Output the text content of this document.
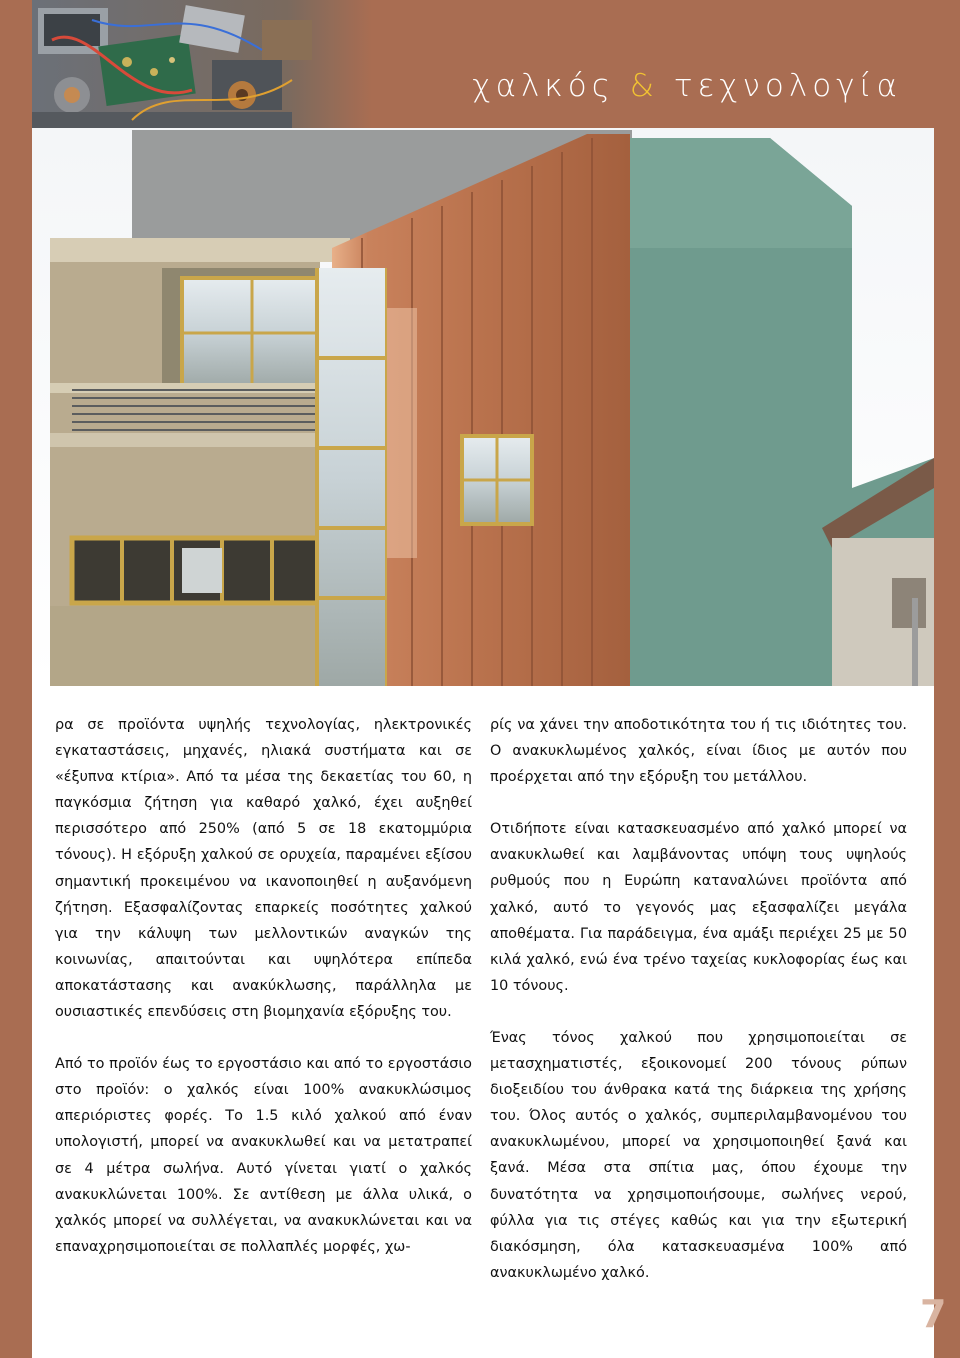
χαλκός & τεχνολογία

ρα σε προϊόντα υψηλής τεχνολογίας, ηλεκτρονικές εγκαταστάσεις, μηχανές, ηλιακά συστήματα και σε «έξυπνα κτίρια». Από τα μέσα της δεκαετίας του 60, η παγκόσμια ζήτηση για καθαρό χαλκό, έχει αυξηθεί περισσότερο από 250% (από 5 σε 18 εκατομμύρια τόνους). Η εξόρυξη χαλκού σε ορυχεία, παραμένει εξίσου σημαντική προκειμένου να ικανοποιηθεί η αυξανόμενη ζήτηση. Εξασφαλίζοντας επαρκείς ποσότητες χαλκού για την κάλυψη των μελλοντικών αναγκών της κοινωνίας, απαιτούνται και υψηλότερα επίπεδα αποκατάστασης και ανακύκλωσης, παράλληλα με ουσιαστικές επενδύσεις στη βιομηχανία εξόρυξης του.

Από το προϊόν έως το εργοστάσιο και από το εργοστάσιο στο προϊόν: ο χαλκός είναι 100% ανακυκλώσιμος απεριόριστες φορές. Το 1.5 κιλό χαλκού από έναν υπολογιστή, μπορεί να ανακυκλωθεί και να μετατραπεί σε 4 μέτρα σωλήνα. Αυτό γίνεται γιατί ο χαλκός ανακυκλώνεται 100%. Σε αντίθεση με άλλα υλικά, ο χαλκός μπορεί να συλλέγεται, να ανακυκλώνεται και να επαναχρησιμοποιείται σε πολλαπλές μορφές, χω-

ρίς να χάνει την αποδοτικότητα του ή τις ιδιότητες του. Ο ανακυκλωμένος χαλκός, είναι ίδιος με αυτόν που προέρχεται από την εξόρυξη του μετάλλου.

Οτιδήποτε είναι κατασκευασμένο από χαλκό μπορεί να ανακυκλωθεί και λαμβάνοντας υπόψη τους υψηλούς ρυθμούς που η Ευρώπη καταναλώνει προϊόντα από χαλκό, αυτό το γεγονός μας εξασφαλίζει μεγάλα αποθέματα. Για παράδειγμα, ένα αμάξι περιέχει 25 με 50 κιλά χαλκό, ενώ ένα τρένο ταχείας κυκλοφορίας έως και 10 τόνους.

Ένας τόνος χαλκού που χρησιμοποιείται σε μετασχηματιστές, εξοικονομεί 200 τόνους ρύπων διοξειδίου του άνθρακα κατά της διάρκεια της χρήσης του. Όλος αυτός ο χαλκός, συμπεριλαμβανομένου του ανακυκλωμένου, μπορεί να χρησιμοποιηθεί ξανά και ξανά. Μέσα στα σπίτια μας, όπου έχουμε την δυνατότητα να χρησιμοποιήσουμε, σωλήνες νερού, φύλλα για τις στέγες καθώς και για την εξωτερική διακόσμηση, όλα κατασκευασμένα 100% από ανακυκλωμένο χαλκό.

7
